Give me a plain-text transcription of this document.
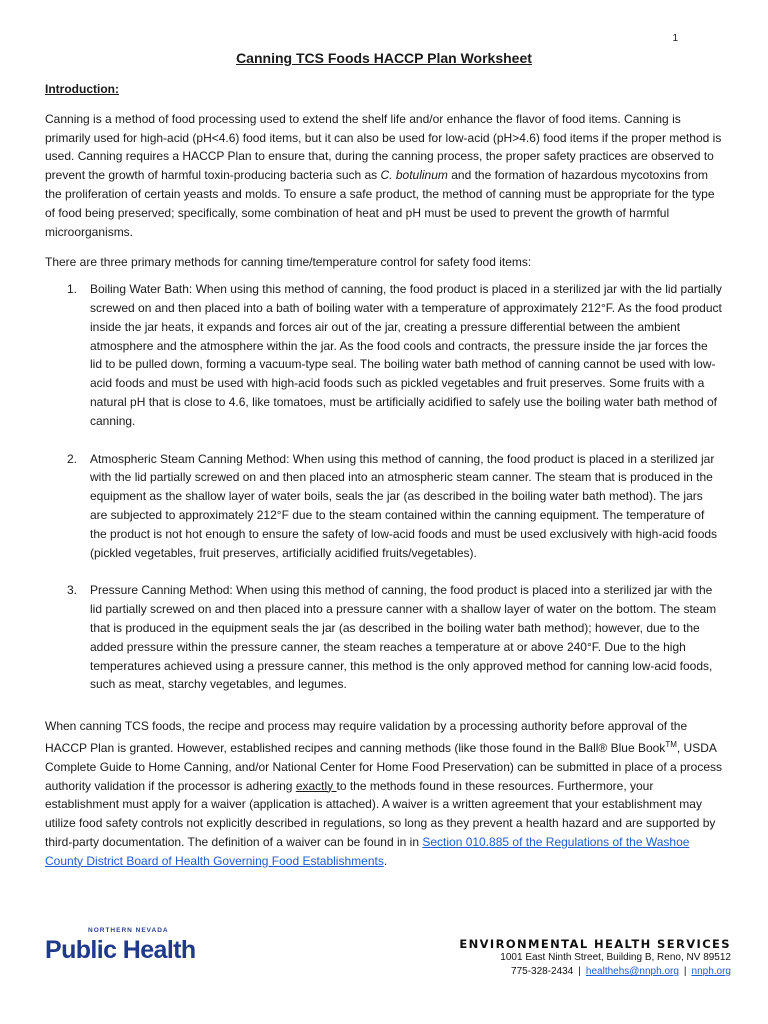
1
Canning TCS Foods HACCP Plan Worksheet
Introduction:

Canning is a method of food processing used to extend the shelf life and/or enhance the flavor of food items. Canning is primarily used for high-acid (pH<4.6) food items, but it can also be used for low-acid (pH>4.6) food items if the proper method is used. Canning requires a HACCP Plan to ensure that, during the canning process, the proper safety practices are observed to prevent the growth of harmful toxin-producing bacteria such as C. botulinum and the formation of hazardous mycotoxins from the proliferation of certain yeasts and molds. To ensure a safe product, the method of canning must be appropriate for the type of food being preserved; specifically, some combination of heat and pH must be used to prevent the growth of harmful microorganisms.

There are three primary methods for canning time/temperature control for safety food items:

1. Boiling Water Bath: When using this method of canning, the food product is placed in a sterilized jar with the lid partially screwed on and then placed into a bath of boiling water with a temperature of approximately 212°F. As the food product inside the jar heats, it expands and forces air out of the jar, creating a pressure differential between the ambient atmosphere and the atmosphere within the jar. As the food cools and contracts, the pressure inside the jar forces the lid to be pulled down, forming a vacuum-type seal. The boiling water bath method of canning cannot be used with low-acid foods and must be used with high-acid foods such as pickled vegetables and fruit preserves. Some fruits with a natural pH that is close to 4.6, like tomatoes, must be artificially acidified to safely use the boiling water bath method of canning.
2. Atmospheric Steam Canning Method: When using this method of canning, the food product is placed in a sterilized jar with the lid partially screwed on and then placed into an atmospheric steam canner. The steam that is produced in the equipment as the shallow layer of water boils, seals the jar (as described in the boiling water bath method). The jars are subjected to approximately 212°F due to the steam contained within the canning equipment. The temperature of the product is not hot enough to ensure the safety of low-acid foods and must be used exclusively with high-acid foods (pickled vegetables, fruit preserves, artificially acidified fruits/vegetables).
3. Pressure Canning Method: When using this method of canning, the food product is placed into a sterilized jar with the lid partially screwed on and then placed into a pressure canner with a shallow layer of water on the bottom. The steam that is produced in the equipment seals the jar (as described in the boiling water bath method); however, due to the added pressure within the pressure canner, the steam reaches a temperature at or above 240°F. Due to the high temperatures achieved using a pressure canner, this method is the only approved method for canning low-acid foods, such as meat, starchy vegetables, and legumes.

When canning TCS foods, the recipe and process may require validation by a processing authority before approval of the HACCP Plan is granted. However, established recipes and canning methods (like those found in the Ball® Blue Book™, USDA Complete Guide to Home Canning, and/or National Center for Home Food Preservation) can be submitted in place of a process authority validation if the processor is adhering exactly to the methods found in these resources. Furthermore, your establishment must apply for a waiver (application is attached). A waiver is a written agreement that your establishment may utilize food safety controls not explicitly described in regulations, so long as they prevent a health hazard and are supported by third-party documentation. The definition of a waiver can be found in in Section 010.885 of the Regulations of the Washoe County District Board of Health Governing Food Establishments.

NORTHERN NEVADA
Public Health	ENVIRONMENTAL HEALTH SERVICES
1001 East Ninth Street, Building B, Reno, NV 89512
775-328-2434 | healthehs@nnph.org | nnph.org
